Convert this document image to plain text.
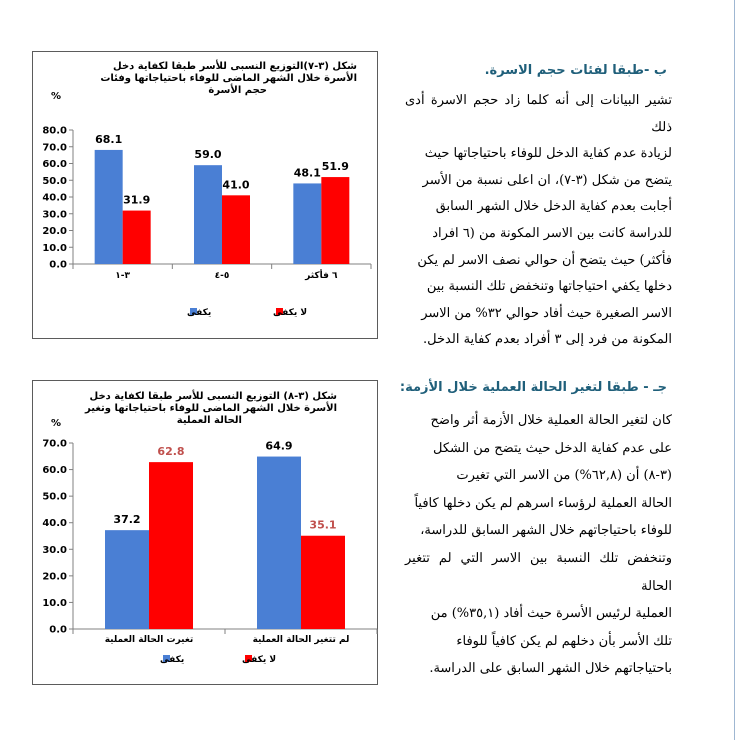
ب -طبقا لفئات حجم الاسرة.
تشير البيانات إلى أنه كلما زاد حجم الاسرة أدى ذلك
لزيادة عدم كفاية الدخل للوفاء باحتياجاتها حيث
يتضح من شكل (٣-٧)، ان اعلى نسبة من الأسر
أجابت بعدم كفاية الدخل خلال الشهر السابق
للدراسة كانت بين الاسر المكونة من (٦ افراد
فأكثر) حيث يتضح أن حوالي نصف الاسر لم يكن
دخلها يكفي احتياجاتها وتنخفض تلك النسبة بين
الاسر الصغيرة حيث أفاد حوالي ٣٢% من الاسر
المكونة من فرد إلى ٣ أفراد بعدم كفاية الدخل.
جـ - طبقا لتغير الحالة العملية خلال الأزمة:
كان لتغير الحالة العملية خلال الأزمة أثر واضح
على عدم كفاية الدخل حيث يتضح من الشكل
(٣-٨) أن (٦٢,٨%) من الاسر التي تغيرت
الحالة العملية لرؤساء اسرهم لم يكن دخلها كافياً
للوفاء باحتياجاتهم خلال الشهر السابق للدراسة،
وتنخفض تلك النسبة بين الاسر التي لم تتغير الحالة
العملية لرئيس الأسرة حيث أفاد (٣٥,١%) من
تلك الأسر بأن دخلهم لم يكن كافياً للوفاء
باحتياجاتهم خلال الشهر السابق على الدراسة.
شكل (٣-٧)التوزيع النسبى للأسر طبقا لكفاية دخل
الأسرة خلال الشهر الماضى للوفاء باحتياجاتها وفئات
حجم الأسرة
%
0.0
10.0
20.0
30.0
40.0
50.0
60.0
70.0
80.0
٣-١
68.1
31.9
٥-٤
59.0
41.0
٦ فأكثر
48.1 51.9
يكفى	لا يكفى
شكل (٣-٨) التوزيع النسبى للأسر طبقا لكفاية دخل
الأسرة خلال الشهر الماضى للوفاء باحتياجاتها وتغير
الحالة العملية
%
0.0
10.0
20.0
30.0
40.0
50.0
60.0
70.0
تغيرت الحالة العملية
37.2
62.8
لم تتغير الحالة العملية
64.9
35.1
يكفى	لا يكفى
